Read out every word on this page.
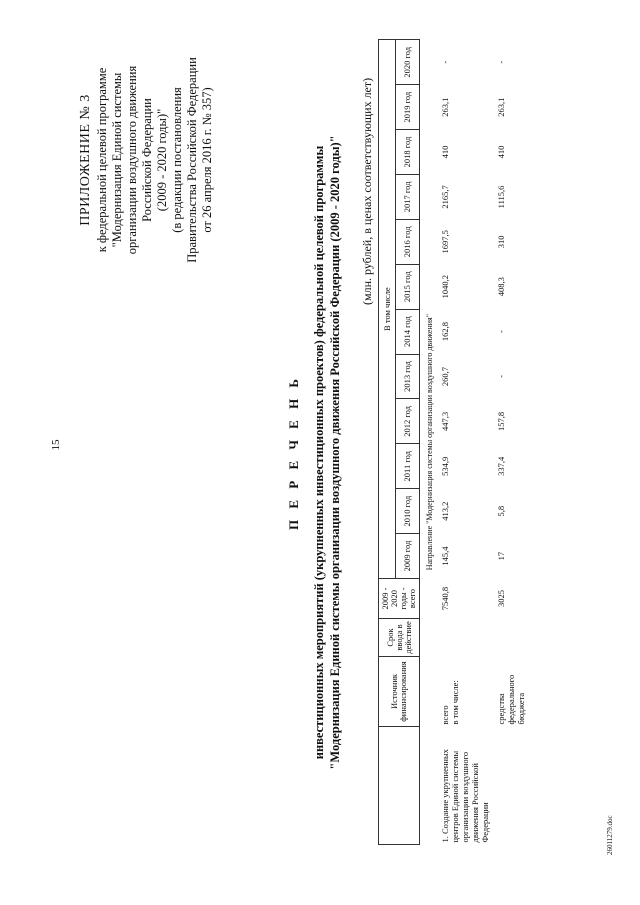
15
ПРИЛОЖЕНИЕ № 3 к федеральной целевой программе "Модернизация Единой системы организации воздушного движения Российской Федерации (2009 - 2020 годы)" (в редакции постановления Правительства Российской Федерации от 26 апреля 2016 г. № 357)
П Е Р Е Ч Е Н Ь инвестиционных мероприятий (укрупненных инвестиционных проектов) федеральной целевой программы "Модернизация Единой системы организации воздушного движения Российской Федерации (2009 - 2020 годы)" (млн. рублей, в ценах соответствующих лет)
	Источник финансирования	Срок ввода в действие	2009 - 2020 годы - всего	В том числе											
				2009 год	2010 год	2011 год	2012 год	2013 год	2014 год	2015 год	2016 год	2017 год	2018 год	2019 год	2020 год
Направление "Модернизация системы организации воздушного движения"															
1. Создание укрупненных центров Единой системы организации воздушного движения Российской Федерации	всего в том числе:		7540,8	145,4	413,2	534,9	447,3	260,7	162,8	1040,2	1697,5	2165,7	410	263,1	-

	средства федерального бюджета		3025	17	5,8	337,4	157,8	-	-	408,3	310	1115,6	410	263,1	-
26011279.doc
